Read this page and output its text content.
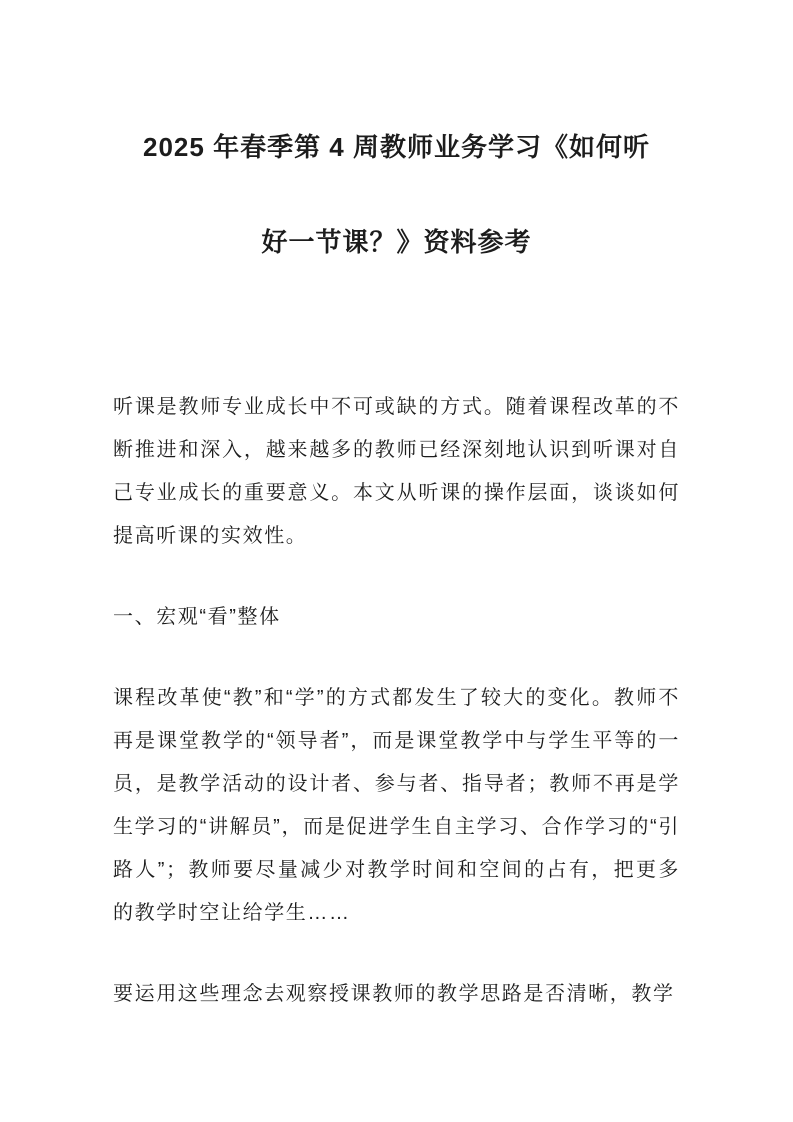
2025 年春季第 4 周教师业务学习《如何听
好一节课？》资料参考

听课是教师专业成长中不可或缺的方式。随着课程改革的不断推进和深入，越来越多的教师已经深刻地认识到听课对自己专业成长的重要意义。本文从听课的操作层面，谈谈如何提高听课的实效性。

一、宏观“看”整体

课程改革使“教”和“学”的方式都发生了较大的变化。教师不再是课堂教学的“领导者”，而是课堂教学中与学生平等的一员，是教学活动的设计者、参与者、指导者；教师不再是学生学习的“讲解员”，而是促进学生自主学习、合作学习的“引路人”；教师要尽量减少对教学时间和空间的占有，把更多的教学时空让给学生……

要运用这些理念去观察授课教师的教学思路是否清晰，教学
